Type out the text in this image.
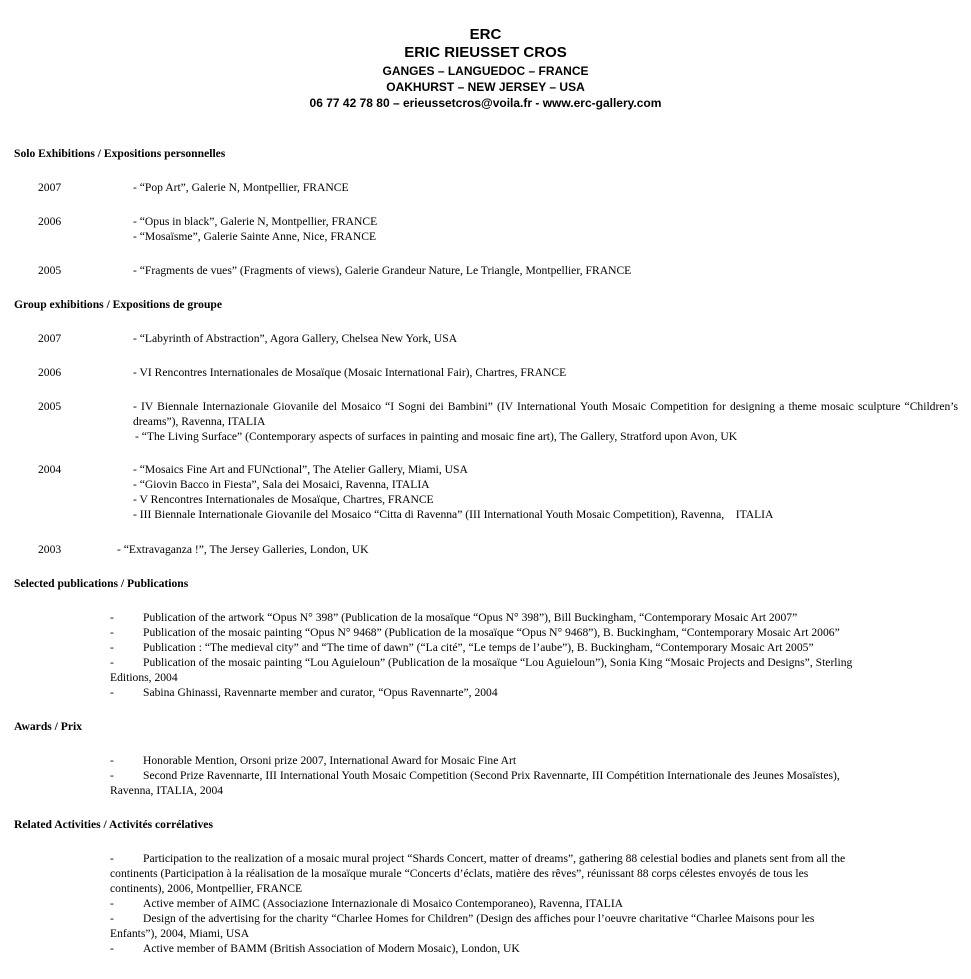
ERC
ERIC RIEUSSET CROS
GANGES – LANGUEDOC – FRANCE
OAKHURST – NEW JERSEY – USA
06 77 42 78 80 – erieussetcros@voila.fr - www.erc-gallery.com
Solo Exhibitions / Expositions personnelles
2007	- “Pop Art”, Galerie N, Montpellier, FRANCE
2006	- “Opus in black”, Galerie N, Montpellier, FRANCE
- “Mosaïsme”, Galerie Sainte Anne, Nice, FRANCE
2005	- “Fragments de vues” (Fragments of views), Galerie Grandeur Nature, Le Triangle, Montpellier, FRANCE
Group exhibitions / Expositions de groupe
2007	- “Labyrinth of Abstraction”, Agora Gallery, Chelsea New York, USA
2006	- VI Rencontres Internationales de Mosaïque (Mosaic International Fair), Chartres, FRANCE
2005	- IV Biennale Internazionale Giovanile del Mosaico “I Sogni dei Bambini” (IV International Youth Mosaic Competition for designing a theme mosaic sculpture “Children’s dreams”), Ravenna, ITALIA
- “The Living Surface” (Contemporary aspects of surfaces in painting and mosaic fine art), The Gallery, Stratford upon Avon, UK
2004	- “Mosaics Fine Art and FUNctional”, The Atelier Gallery, Miami, USA
- “Giovin Bacco in Fiesta”, Sala dei Mosaici, Ravenna, ITALIA
- V Rencontres Internationales de Mosaïque, Chartres, FRANCE
- III Biennale Internationale Giovanile del Mosaico “Citta di Ravenna” (III International Youth Mosaic Competition), Ravenna,    ITALIA
2003	- “Extravaganza !”, The Jersey Galleries, London, UK
Selected publications / Publications
-	Publication of the artwork “Opus N° 398” (Publication de la mosaïque “Opus N° 398”), Bill Buckingham, “Contemporary Mosaic Art 2007”
-	Publication of the mosaic painting “Opus N° 9468” (Publication de la mosaïque “Opus N° 9468”), B. Buckingham, “Contemporary Mosaic Art 2006”
-	Publication : “The medieval city” and “The time of dawn” (“La cité”, “Le temps de l’aube”), B. Buckingham, “Contemporary Mosaic Art 2005”
-	Publication of the mosaic painting “Lou Aguieloun” (Publication de la mosaïque “Lou Aguieloun”), Sonia King “Mosaic Projects and Designs”, Sterling
Editions, 2004
-	Sabina Ghinassi, Ravennarte member and curator, “Opus Ravennarte”, 2004
Awards / Prix
-	Honorable Mention, Orsoni prize 2007, International Award for Mosaic Fine Art
-	Second Prize Ravennarte, III International Youth Mosaic Competition (Second Prix Ravennarte, III Compétition Internationale des Jeunes Mosaïstes),
Ravenna, ITALIA, 2004
Related Activities / Activités corrélatives
-	Participation to the realization of a mosaic mural project “Shards Concert, matter of dreams”, gathering 88 celestial bodies and planets sent from all the
continents (Participation à la réalisation de la mosaïque murale “Concerts d’éclats, matière des rêves”, réunissant 88 corps célestes envoyés de tous les
continents), 2006, Montpellier, FRANCE
-	Active member of AIMC (Associazione Internazionale di Mosaico Contemporaneo), Ravenna, ITALIA
-	Design of the advertising for the charity “Charlee Homes for Children” (Design des affiches pour l’oeuvre charitative “Charlee Maisons pour les
Enfants”), 2004, Miami, USA
-	Active member of BAMM (British Association of Modern Mosaic), London, UK
